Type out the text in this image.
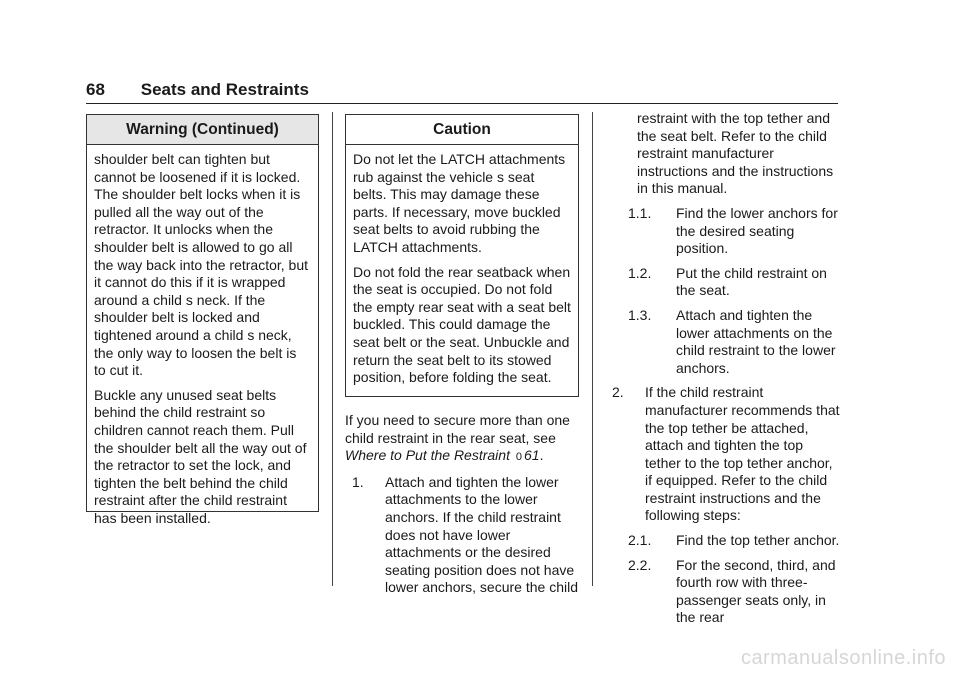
68 Seats and Restraints
Warning (Continued)

shoulder belt can tighten but cannot be loosened if it is locked. The shoulder belt locks when it is pulled all the way out of the retractor. It unlocks when the shoulder belt is allowed to go all the way back into the retractor, but it cannot do this if it is wrapped around a child s neck. If the shoulder belt is locked and tightened around a child s neck, the only way to loosen the belt is to cut it.

Buckle any unused seat belts behind the child restraint so children cannot reach them. Pull the shoulder belt all the way out of the retractor to set the lock, and tighten the belt behind the child restraint after the child restraint has been installed.

Caution

Do not let the LATCH attachments rub against the vehicle s seat belts. This may damage these parts. If necessary, move buckled seat belts to avoid rubbing the LATCH attachments.

Do not fold the rear seatback when the seat is occupied. Do not fold the empty rear seat with a seat belt buckled. This could damage the seat belt or the seat. Unbuckle and return the seat belt to its stowed position, before folding the seat.

If you need to secure more than one child restraint in the rear seat, see Where to Put the Restraint 0 61.

1.	Attach and tighten the lower attachments to the lower anchors. If the child restraint does not have lower attachments or the desired seating position does not have lower anchors, secure the child

restraint with the top tether and the seat belt. Refer to the child restraint manufacturer instructions and the instructions in this manual.

1.1.	Find the lower anchors for the desired seating position.
1.2.	Put the child restraint on the seat.
1.3.	Attach and tighten the lower attachments on the child restraint to the lower anchors.
2.	If the child restraint manufacturer recommends that the top tether be attached, attach and tighten the top tether to the top tether anchor, if equipped. Refer to the child restraint instructions and the following steps:
2.1.	Find the top tether anchor.
2.2.	For the second, third, and fourth row with three-passenger seats only, in the rear
carmanualsonline.info
